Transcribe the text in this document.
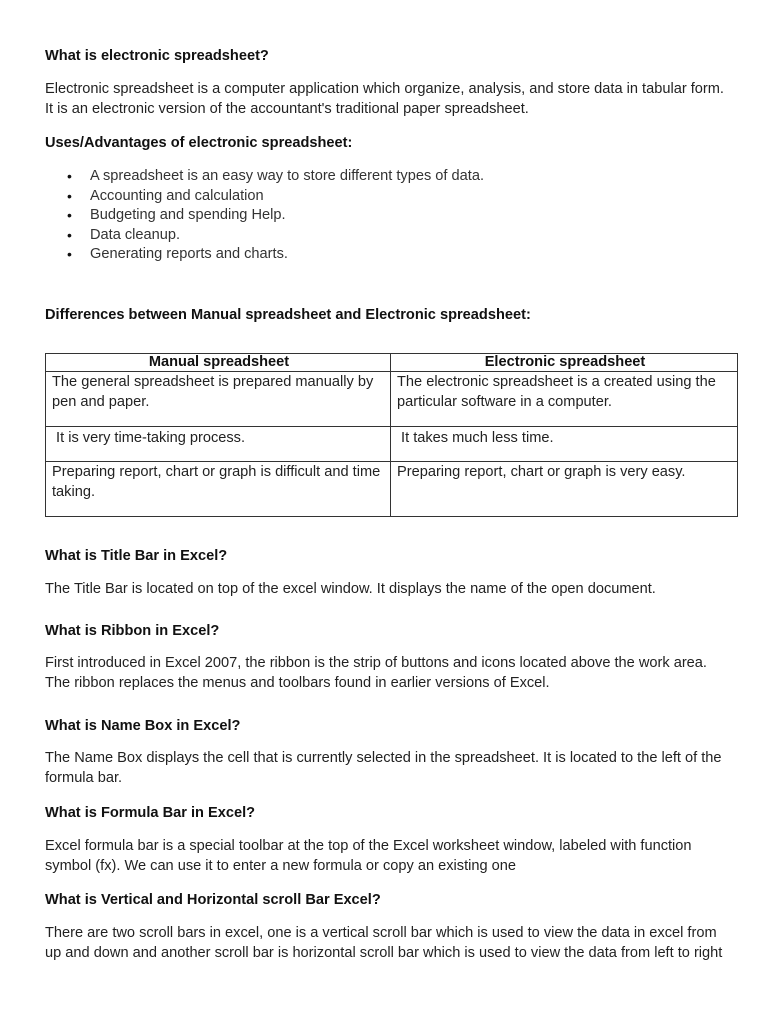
What is electronic spreadsheet?

Electronic spreadsheet is a computer application which organize, analysis, and store data in tabular form. It is an electronic version of the accountant's traditional paper spreadsheet.

Uses/Advantages of electronic spreadsheet:
• A spreadsheet is an easy way to store different types of data.
• Accounting and calculation
• Budgeting and spending Help.
• Data cleanup.
• Generating reports and charts.
Differences between Manual spreadsheet and Electronic spreadsheet:
Manual spreadsheet	Electronic spreadsheet
The general spreadsheet is prepared manually by pen and paper.	The electronic spreadsheet is a created using the particular software in a computer.
It is very time-taking process.	It takes much less time.
Preparing report, chart or graph is difficult and time taking.	Preparing report, chart or graph is very easy.
What is Title Bar in Excel?

The Title Bar is located on top of the excel window. It displays the name of the open document.

What is Ribbon in Excel?

First introduced in Excel 2007, the ribbon is the strip of buttons and icons located above the work area. The ribbon replaces the menus and toolbars found in earlier versions of Excel.

What is Name Box in Excel?

The Name Box displays the cell that is currently selected in the spreadsheet. It is located to the left of the formula bar.

What is Formula Bar in Excel?

Excel formula bar is a special toolbar at the top of the Excel worksheet window, labeled with function symbol (fx). We can use it to enter a new formula or copy an existing one

What is Vertical and Horizontal scroll Bar Excel?

There are two scroll bars in excel, one is a vertical scroll bar which is used to view the data in excel from up and down and another scroll bar is horizontal scroll bar which is used to view the data from left to right
